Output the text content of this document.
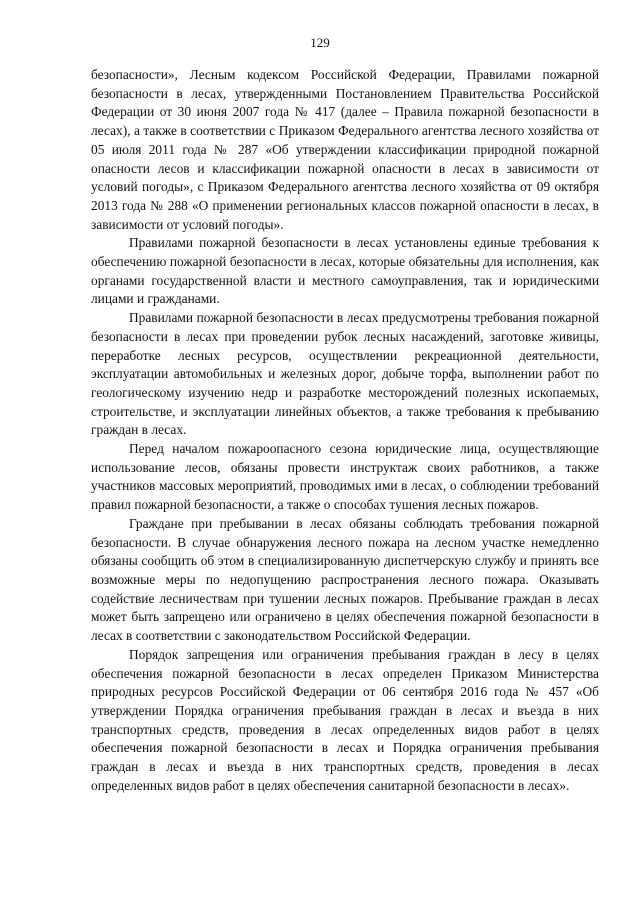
129

безопасности», Лесным кодексом Российской Федерации, Правилами пожарной безопасности в лесах, утвержденными Постановлением Правительства Российской Федерации от 30 июня 2007 года № 417 (далее – Правила пожарной безопасности в лесах), а также в соответствии с Приказом Федерального агентства лесного хозяйства от 05 июля 2011 года № 287 «Об утверждении классификации природной пожарной опасности лесов и классификации пожарной опасности в лесах в зависимости от условий погоды», с Приказом Федерального агентства лесного хозяйства от 09 октября 2013 года № 288 «О применении региональных классов пожарной опасности в лесах, в зависимости от условий погоды».

Правилами пожарной безопасности в лесах установлены единые требования к обеспечению пожарной безопасности в лесах, которые обязательны для исполнения, как органами государственной власти и местного самоуправления, так и юридическими лицами и гражданами.

Правилами пожарной безопасности в лесах предусмотрены требования пожарной безопасности в лесах при проведении рубок лесных насаждений, заготовке живицы, переработке лесных ресурсов, осуществлении рекреационной деятельности, эксплуатации автомобильных и железных дорог, добыче торфа, выполнении работ по геологическому изучению недр и разработке месторождений полезных ископаемых, строительстве, и эксплуатации линейных объектов, а также требования к пребыванию граждан в лесах.

Перед началом пожароопасного сезона юридические лица, осуществляющие использование лесов, обязаны провести инструктаж своих работников, а также участников массовых мероприятий, проводимых ими в лесах, о соблюдении требований правил пожарной безопасности, а также о способах тушения лесных пожаров.

Граждане при пребывании в лесах обязаны соблюдать требования пожарной безопасности. В случае обнаружения лесного пожара на лесном участке немедленно обязаны сообщить об этом в специализированную диспетчерскую службу и принять все возможные меры по недопущению распространения лесного пожара. Оказывать содействие лесничествам при тушении лесных пожаров. Пребывание граждан в лесах может быть запрещено или ограничено в целях обеспечения пожарной безопасности в лесах в соответствии с законодательством Российской Федерации.

Порядок запрещения или ограничения пребывания граждан в лесу в целях обеспечения пожарной безопасности в лесах определен Приказом Министерства природных ресурсов Российской Федерации от 06 сентября 2016 года № 457 «Об утверждении Порядка ограничения пребывания граждан в лесах и въезда в них транспортных средств, проведения в лесах определенных видов работ в целях обеспечения пожарной безопасности в лесах и Порядка ограничения пребывания граждан в лесах и въезда в них транспортных средств, проведения в лесах определенных видов работ в целях обеспечения санитарной безопасности в лесах».
